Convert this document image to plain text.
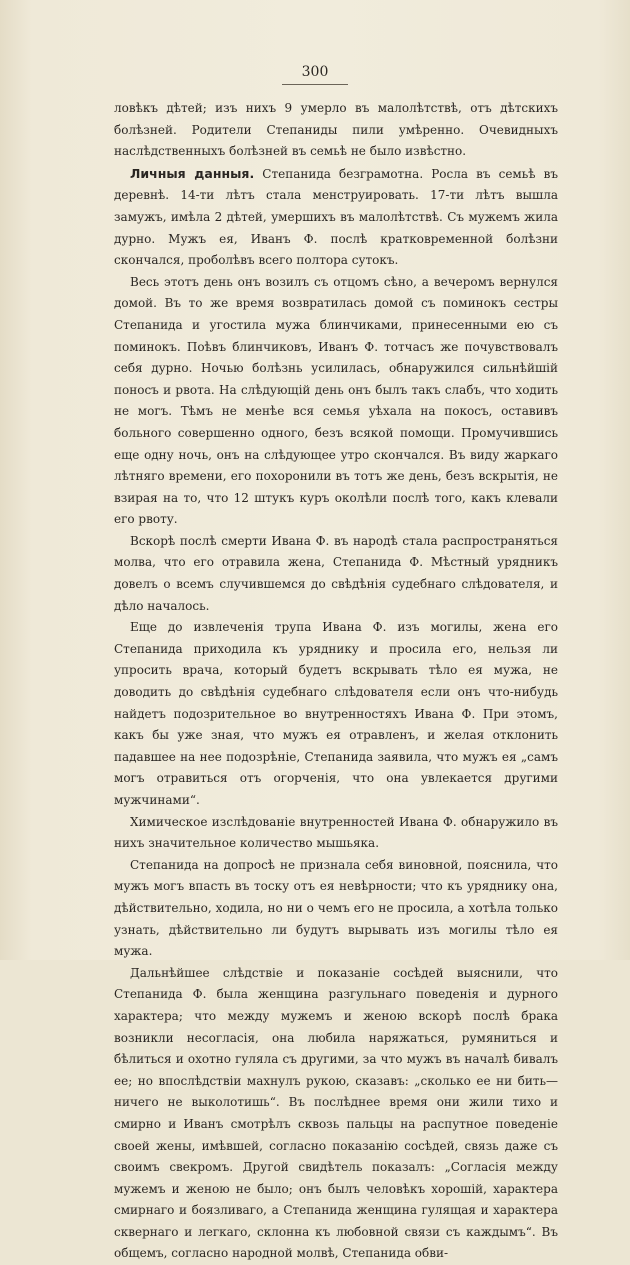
300

ловѣкъ дѣтей; изъ нихъ 9 умерло въ малолѣтствѣ, отъ дѣтскихъ болѣзней. Родители Степаниды пили умѣренно. Очевидныхъ наслѣдственныхъ болѣзней въ семьѣ не было извѣстно.

Личныя данныя. Степанида безграмотна. Росла въ семьѣ въ деревнѣ. 14-ти лѣтъ стала менструировать. 17-ти лѣтъ вышла замужъ, имѣла 2 дѣтей, умершихъ въ малолѣтствѣ. Съ мужемъ жила дурно. Мужъ ея, Иванъ Ф. послѣ кратковременной болѣзни скончался, проболѣвъ всего полтора сутокъ.

Весь этотъ день онъ возилъ съ отцомъ сѣно, а вечеромъ вернулся домой. Въ то же время возвратилась домой съ поминокъ сестры Степанида и угостила мужа блинчиками, принесенными ею съ поминокъ. Поѣвъ блинчиковъ, Иванъ Ф. тотчасъ же почувствовалъ себя дурно. Ночью болѣзнь усилилась, обнаружился сильнѣйшiй поносъ и рвота. На слѣдующiй день онъ былъ такъ слабъ, что ходить не могъ. Тѣмъ не менѣе вся семья уѣхала на покосъ, оставивъ больного совершенно одного, безъ всякой помощи. Промучившись еще одну ночь, онъ на слѣдующее утро скончался. Въ виду жаркаго лѣтняго времени, его похоронили въ тотъ же день, безъ вскрытiя, не взирая на то, что 12 штукъ куръ околѣли послѣ того, какъ клевали его рвоту.

Вскорѣ послѣ смерти Ивана Ф. въ народѣ стала распространяться молва, что его отравила жена, Степанида Ф. Мѣстный урядникъ довелъ о всемъ случившемся до свѣдѣнiя судебнаго слѣдователя, и дѣло началось.

Еще до извлеченiя трупа Ивана Ф. изъ могилы, жена его Степанида приходила къ уряднику и просила его, нельзя ли упросить врача, который будетъ вскрывать тѣло ея мужа, не доводить до свѣдѣнiя судебнаго слѣдователя если онъ что-нибудь найдетъ подозрительное во внутренностяхъ Ивана Ф. При этомъ, какъ бы уже зная, что мужъ ея отравленъ, и желая отклонить падавшее на нее подозрѣнiе, Степанида заявила, что мужъ ея „самъ могъ отравиться отъ огорченiя, что она увлекается другими мужчинами“.

Химическое изслѣдованiе внутренностей Ивана Ф. обнаружило въ нихъ значительное количество мышьяка.

Степанида на допросѣ не признала себя виновной, пояснила, что мужъ могъ впасть въ тоску отъ ея невѣрности; что къ уряднику она, дѣйствительно, ходила, но ни о чемъ его не просила, а хотѣла только узнать, дѣйствительно ли будутъ вырывать изъ могилы тѣло ея мужа.

Дальнѣйшее слѣдствiе и показанiе сосѣдей выяснили, что Степанида Ф. была женщина разгульнаго поведенiя и дурного характера; что между мужемъ и женою вскорѣ послѣ брака возникли несогласiя, она любила наряжаться, румяниться и бѣлиться и охотно гуляла съ другими, за что мужъ въ началѣ бивалъ ее; но впослѣдствiи махнулъ рукою, сказавъ: „сколько ее ни бить—ничего не выколотишь“. Въ послѣднее время они жили тихо и смирно и Иванъ смотрѣлъ сквозь пальцы на распутное поведенiе своей жены, имѣвшей, согласно показанiю сосѣдей, связь даже съ своимъ свекромъ. Другой свидѣтель показалъ: „Согласiя между мужемъ и женою не было; онъ былъ человѣкъ хорошiй, характера смирнаго и боязливаго, а Степанида женщина гулящая и характера сквернаго и легкаго, склонна къ любовной связи съ каждымъ“. Въ общемъ, согласно народной молвѣ, Степанида обви-
